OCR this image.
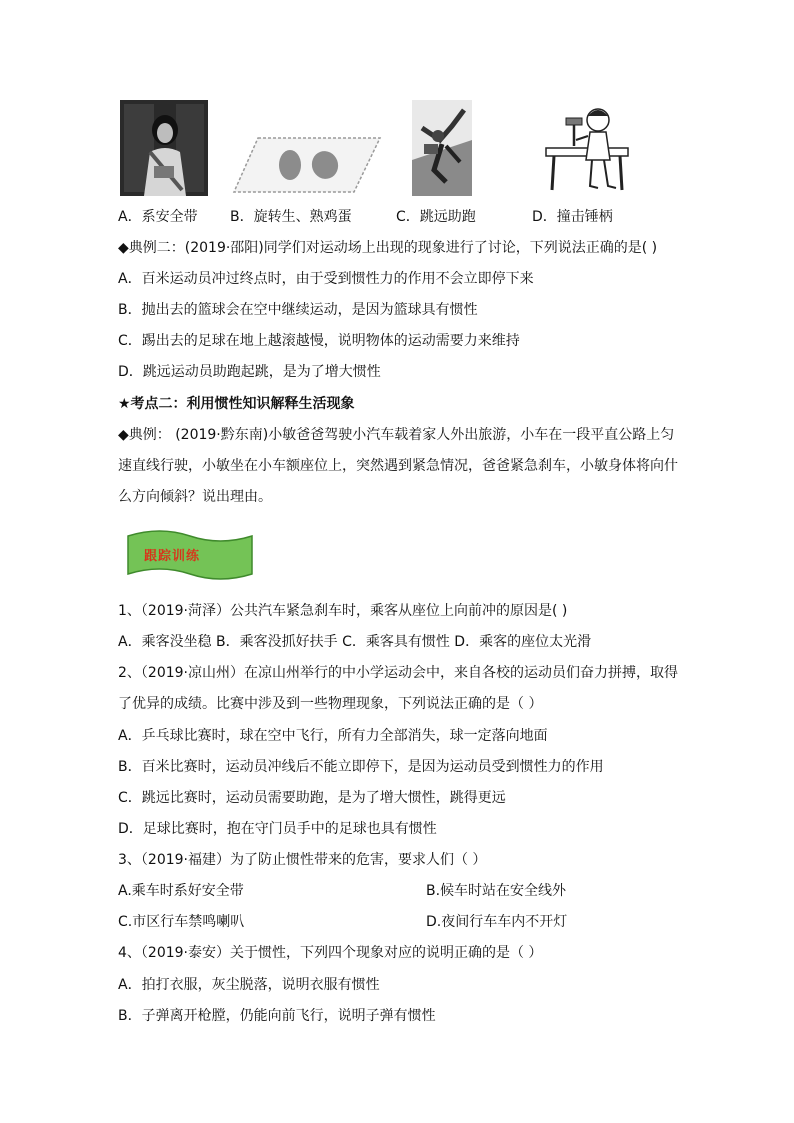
A．系安全带 B．旋转生、熟鸡蛋	C．跳远助跑	D．撞击锤柄
◆典例二：(2019·邵阳)同学们对运动场上出现的现象进行了讨论，下列说法正确的是( )
A．百米运动员冲过终点时，由于受到惯性力的作用不会立即停下来
B．抛出去的篮球会在空中继续运动，是因为篮球具有惯性
C．踢出去的足球在地上越滚越慢，说明物体的运动需要力来维持
D．跳远运动员助跑起跳，是为了增大惯性
★考点二：利用惯性知识解释生活现象
◆典例： (2019·黔东南)小敏爸爸驾驶小汽车载着家人外出旅游，小车在一段平直公路上匀
速直线行驶，小敏坐在小车额座位上，突然遇到紧急情况，爸爸紧急刹车，小敏身体将向什
么方向倾斜？说出理由。
跟踪训练
1、（2019·菏泽）公共汽车紧急刹车时，乘客从座位上向前冲的原因是( )
A．乘客没坐稳 B．乘客没抓好扶手 C．乘客具有惯性 D．乘客的座位太光滑
2、（2019·凉山州）在凉山州举行的中小学运动会中，来自各校的运动员们奋力拼搏，取得
了优异的成绩。比赛中涉及到一些物理现象，下列说法正确的是（ ）
A．乒乓球比赛时，球在空中飞行，所有力全部消失，球一定落向地面
B．百米比赛时，运动员冲线后不能立即停下，是因为运动员受到惯性力的作用
C．跳远比赛时，运动员需要助跑，是为了增大惯性，跳得更远
D．足球比赛时，抱在守门员手中的足球也具有惯性
3、（2019·福建）为了防止惯性带来的危害，要求人们（ ）
A.乘车时系好安全带	B.候车时站在安全线外
C.市区行车禁鸣喇叭	D.夜间行车车内不开灯
4、（2019·泰安）关于惯性，下列四个现象对应的说明正确的是（ ）
A．拍打衣服，灰尘脱落，说明衣服有惯性
B．子弹离开枪膛，仍能向前飞行，说明子弹有惯性
